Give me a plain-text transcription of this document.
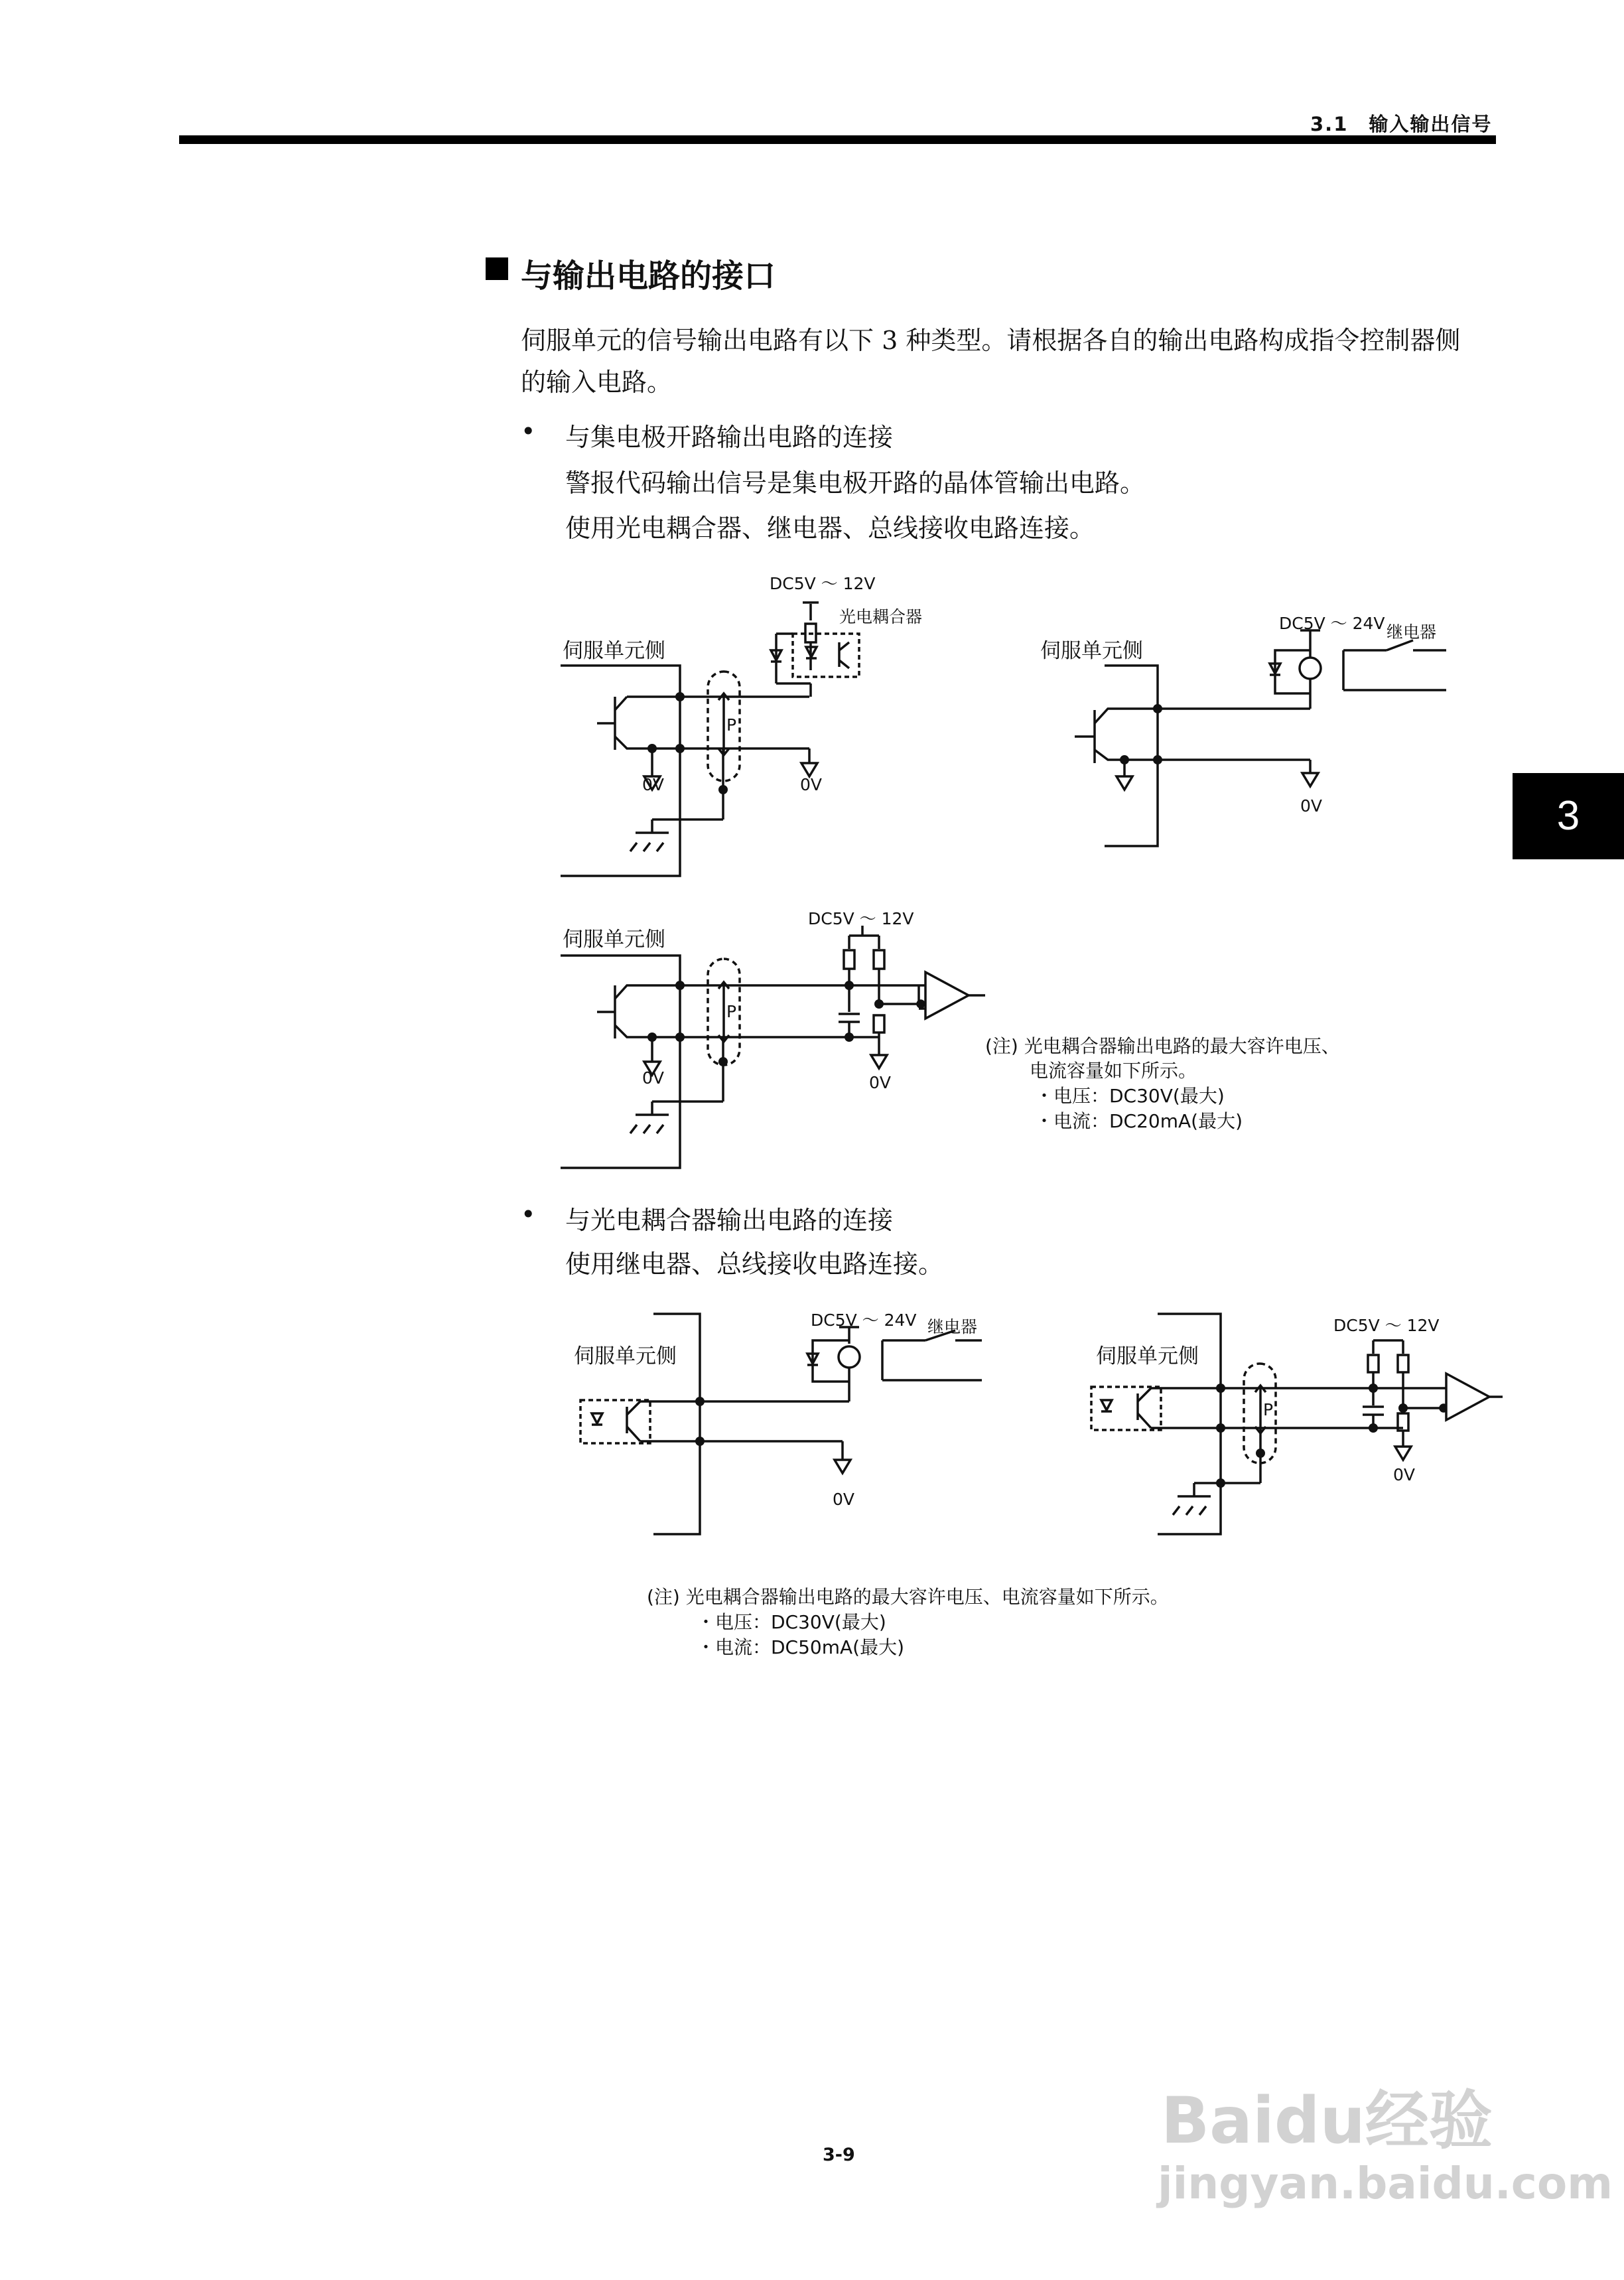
3.1　输入输出信号
3
与输出电路的接口
伺服单元的信号输出电路有以下 3 种类型。请根据各自的输出电路构成指令控制器侧
的输入电路。
• 与集电极开路输出电路的连接
警报代码输出信号是集电极开路的晶体管输出电路。
使用光电耦合器、继电器、总线接收电路连接。
• 与光电耦合器输出电路的连接
使用继电器、总线接收电路连接。
伺服单元侧
DC5V ～ 12V
光电耦合器
P
0V	0V
伺服单元侧
DC5V ～ 24V 继电器
0V
伺服单元侧
DC5V ～ 12V
P
0V	0V
(注) 光电耦合器输出电路的最大容许电压、
电流容量如下所示。
・电压：DC30V(最大)
・电流：DC20mA(最大)
伺服单元侧
DC5V ～ 24V 继电器
0V
伺服单元侧
DC5V ～ 12V
P
0V
(注) 光电耦合器输出电路的最大容许电压、电流容量如下所示。
・电压：DC30V(最大)
・电流：DC50mA(最大)
3-9	Baidu经验
jingyan.baidu.com
